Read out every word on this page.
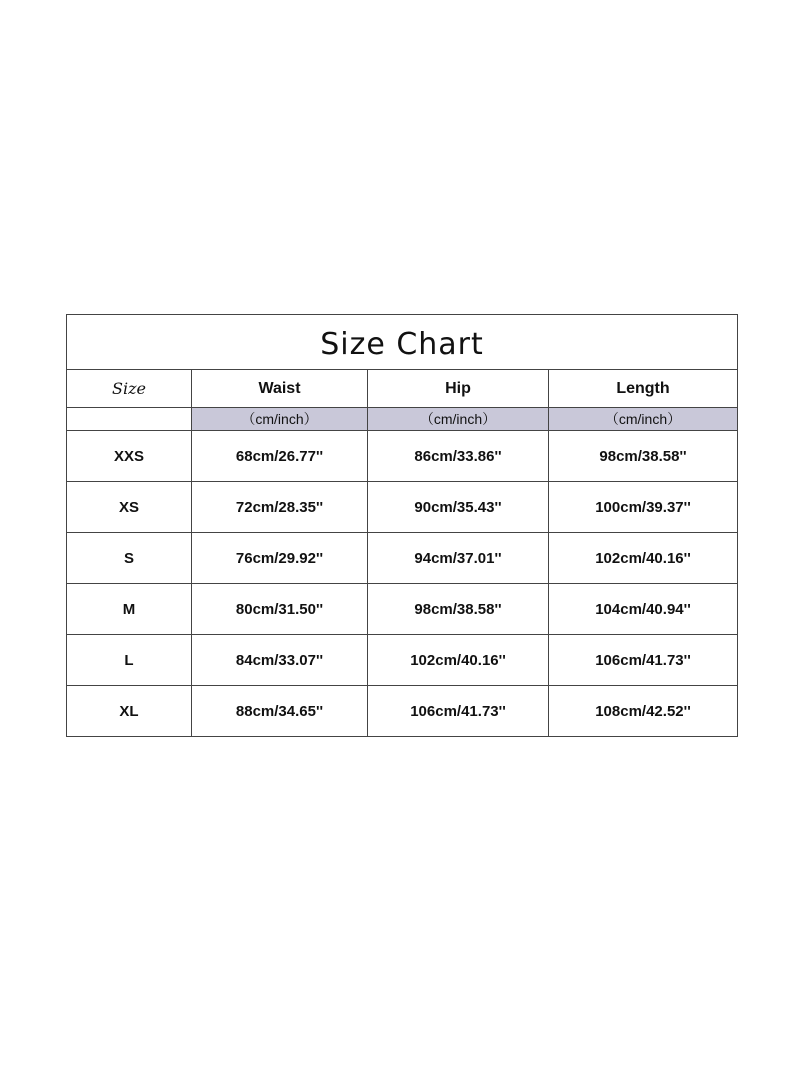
Size Chart			
Size	Waist	Hip	Length
	（cm/inch）	（cm/inch）	（cm/inch）
XXS	68cm/26.77''	86cm/33.86''	98cm/38.58''
XS	72cm/28.35''	90cm/35.43''	100cm/39.37''
S	76cm/29.92''	94cm/37.01''	102cm/40.16''
M	80cm/31.50''	98cm/38.58''	104cm/40.94''
L	84cm/33.07''	102cm/40.16''	106cm/41.73''
XL	88cm/34.65''	106cm/41.73''	108cm/42.52''
